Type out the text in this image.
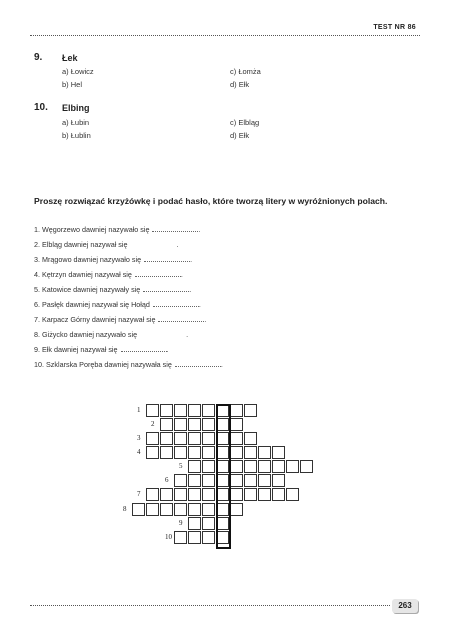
TEST NR 86
9. Łek
a) Łowicz
b) Hel
c) Łomża
d) Ełk
10. Elbing
a) Łubin
b) Łublin
c) Elbląg
d) Ełk
Proszę rozwiązać krzyżówkę i podać hasło, które tworzą litery w wyróżnionych polach.
1. Węgorzewo dawniej nazywało się	.
2. Elbląg dawniej nazywał się	.
3. Mrągowo dawniej nazywało się	.
4. Kętrzyn dawniej nazywał się	.
5. Katowice dawniej nazywały się	.
6. Pasłęk dawniej nazywał się Hołąd	.
7. Karpacz Górny dawniej nazywał się	.
8. Giżycko dawniej nazywało się	.
9. Ełk dawniej nazywał się	.
10. Szklarska Poręba dawniej nazywała się	.
1
2
3
4
5
6
7
8
9
10
263
